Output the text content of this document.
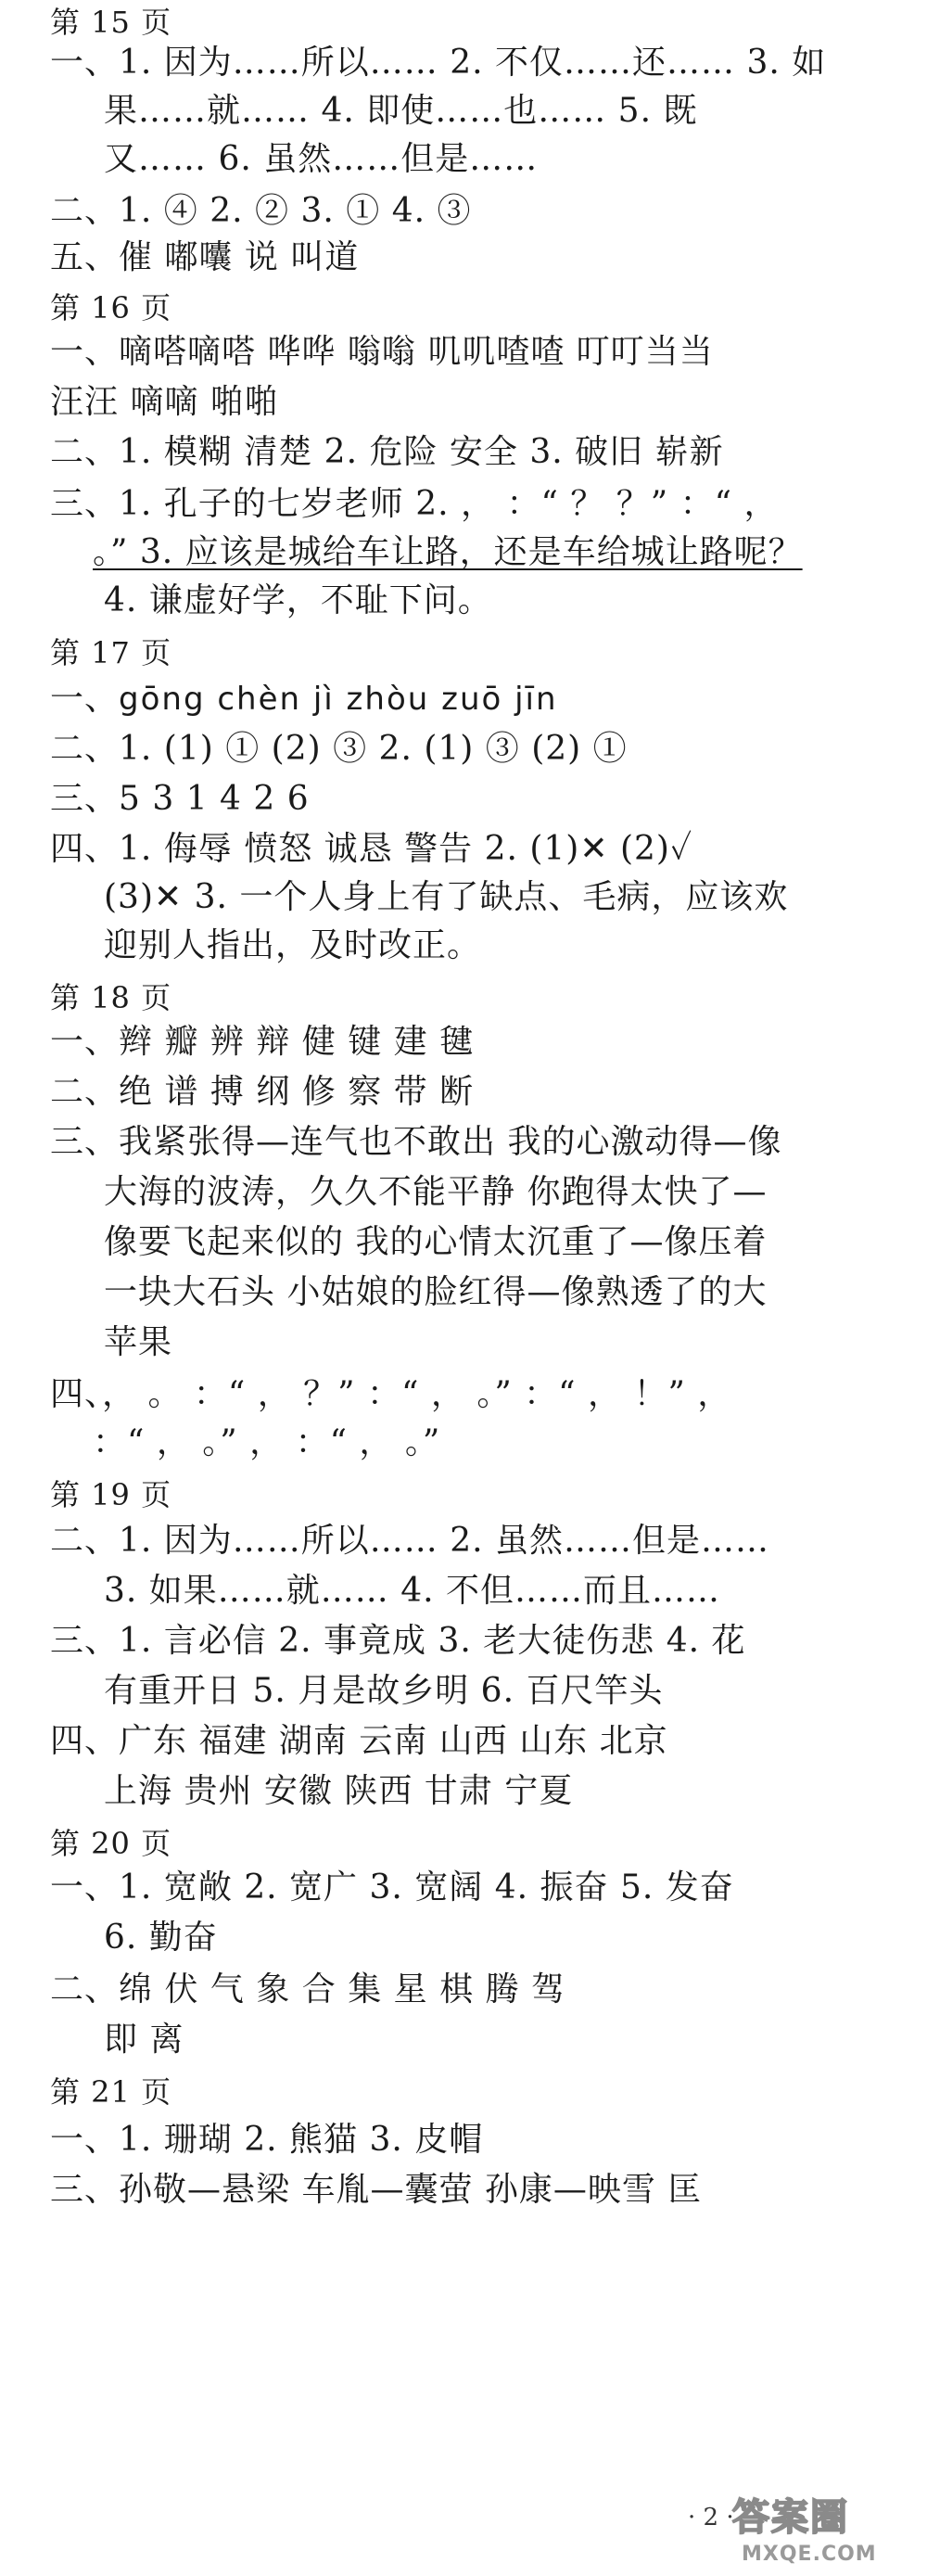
第 15 页
一、1. 因为……所以…… 2. 不仅……还…… 3. 如
果……就…… 4. 即使……也…… 5. 既
又…… 6. 虽然……但是……
二、1. ④ 2. ② 3. ① 4. ③
五、催 嘟囔 说 叫道
第 16 页
一、嘀嗒嘀嗒 哗哗 嗡嗡 叽叽喳喳 叮叮当当
汪汪 嘀嘀 啪啪
二、1. 模糊 清楚 2. 危险 安全 3. 破旧 崭新
三、1. 孔子的七岁老师 2. ， ：“ ？ ？” ：“ ，
。” 3. 应该是城给车让路，还是车给城让路呢？
4. 谦虚好学，不耻下问。
第 17 页
一、gōng chèn jì zhòu zuō jīn
二、1. (1) ① (2) ③ 2. (1) ③ (2) ①
三、5 3 1 4 2 6
四、1. 侮辱 愤怒 诚恳 警告 2. (1)✕ (2)✓
(3)✕ 3. 一个人身上有了缺点、毛病，应该欢
迎别人指出，及时改正。
第 18 页
一、辫 瓣 辨 辩 健 键 建 毽
二、绝 谱 搏 纲 修 察 带 断
三、我紧张得—连气也不敢出 我的心激动得—像
大海的波涛，久久不能平静 你跑得太快了—
像要飞起来似的 我的心情太沉重了—像压着
一块大石头 小姑娘的脸红得—像熟透了的大
苹果
四、， 。 ：“ ， ？” ：“ ， 。” ：“ ， ！” ，
：“ ， 。” ， ：“ ， 。”
第 19 页
二、1. 因为……所以…… 2. 虽然……但是……
3. 如果……就…… 4. 不但……而且……
三、1. 言必信 2. 事竟成 3. 老大徒伤悲 4. 花
有重开日 5. 月是故乡明 6. 百尺竿头
四、广东 福建 湖南 云南 山西 山东 北京
上海 贵州 安徽 陕西 甘肃 宁夏
第 20 页
一、1. 宽敞 2. 宽广 3. 宽阔 4. 振奋 5. 发奋
6. 勤奋
二、绵 伏 气 象 合 集 星 棋 腾 驾
即 离
第 21 页
一、1. 珊瑚 2. 熊猫 3. 皮帽
三、孙敬—悬梁 车胤—囊萤 孙康—映雪 匡
· 2 ·
答案圈
MXQE.COM
